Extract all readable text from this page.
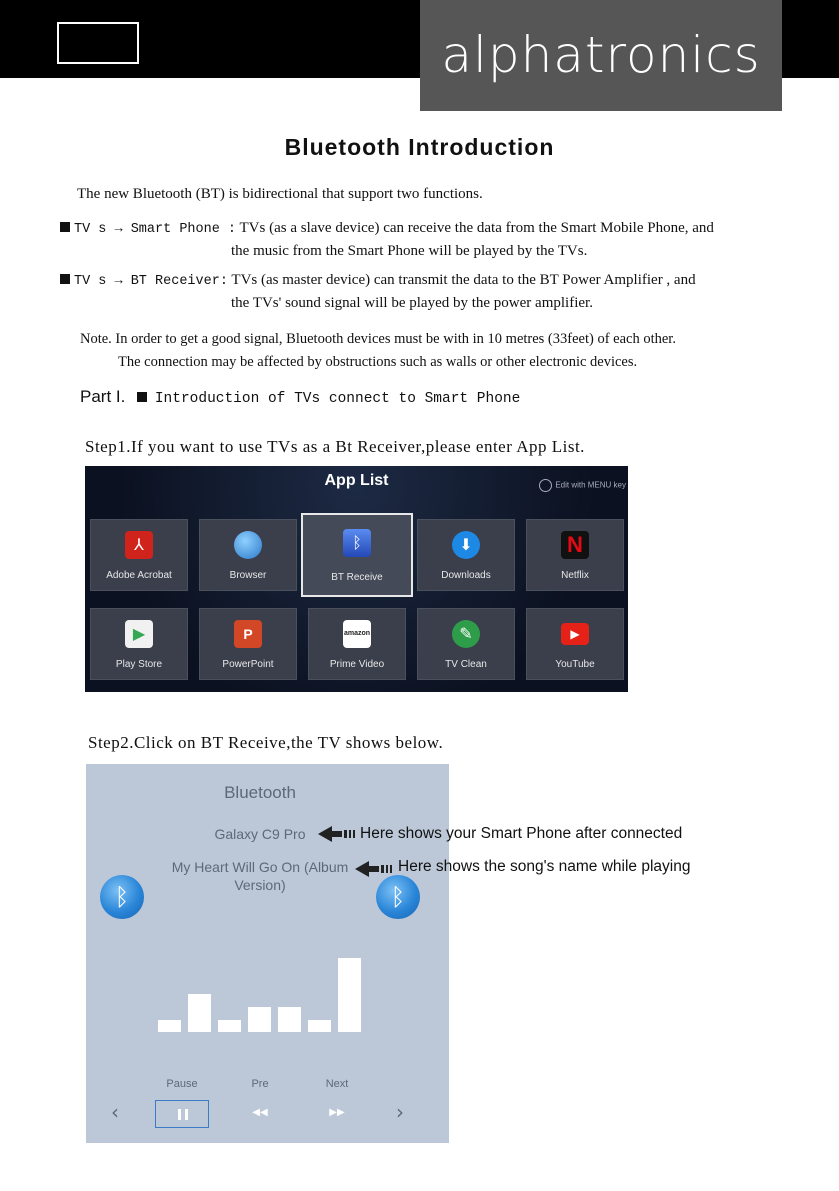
alphatronics
Bluetooth Introduction
The new Bluetooth (BT) is bidirectional that support two functions.
TV s → Smart Phone : TVs (as a slave device) can receive the data from the Smart Mobile Phone, and
the music from the Smart Phone will be played by the TVs.
TV s → BT Receiver: TVs (as master device) can transmit the data to the BT Power Amplifier , and
the TVs' sound signal will be played by the power amplifier.
Note. In order to get a good signal, Bluetooth devices must be with in 10 metres (33feet) of each other.
The connection may be affected by obstructions such as walls or other electronic devices.
Part I. Introduction of TVs connect to Smart Phone
Step1.If you want to use TVs as a Bt Receiver,please enter App List.
App List	Edit with MENU key
⅄
Adobe Acrobat	Browser
ᛒ
BT Receive
⬇
Downloads
N
Netflix
▶
Play Store
P
PowerPoint
amazon
Prime Video
✎
TV Clean
▶
YouTube
Step2.Click on BT Receive,the TV shows below.
Bluetooth
Galaxy C9 Pro
My Heart Will Go On (Album
Version)
ᛒ	ᛒ
Pause	Pre	Next
‹	◀◀	▶▶	›
Here shows your Smart Phone after connected
Here shows the song's name while playing
